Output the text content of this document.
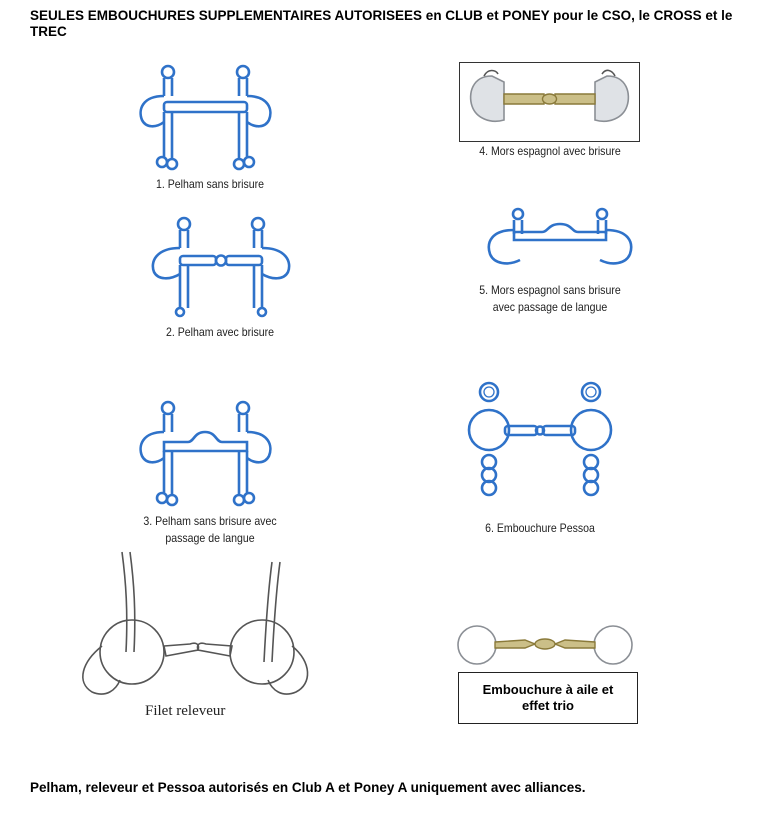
SEULES EMBOUCHURES SUPPLEMENTAIRES AUTORISEES en CLUB et PONEY pour le CSO, le CROSS et le TREC
1. Pelham sans brisure
2. Pelham avec brisure
3. Pelham sans brisure avec passage de langue
4. Mors espagnol avec brisure
5. Mors espagnol sans brisure avec passage de langue
6. Embouchure Pessoa
Filet releveur
Embouchure à aile et effet trio
Pelham, releveur et Pessoa autorisés en Club A et Poney A uniquement avec alliances.
